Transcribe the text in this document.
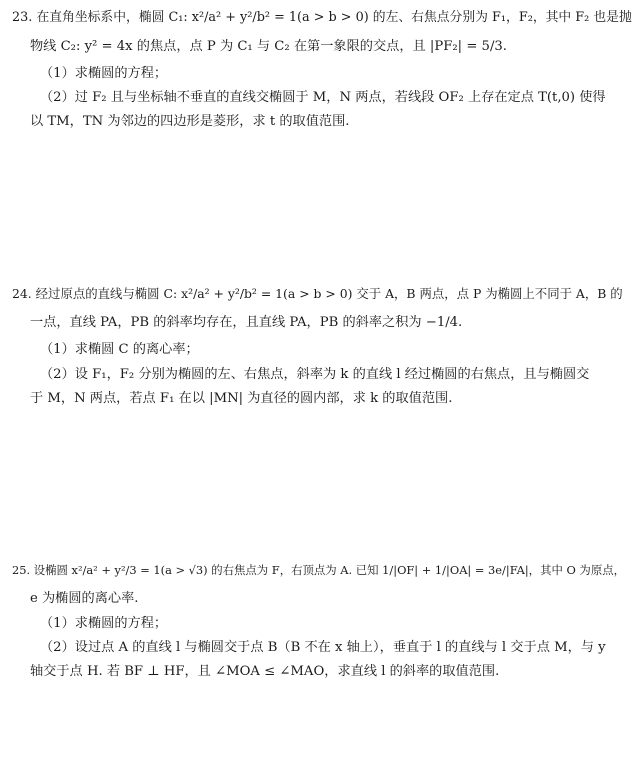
23. 在直角坐标系中，椭圆 C₁: x²/a² + y²/b² = 1(a > b > 0) 的左、右焦点分别为 F₁，F₂，其中 F₂ 也是抛
物线 C₂: y² = 4x 的焦点，点 P 为 C₁ 与 C₂ 在第一象限的交点，且 |PF₂| = 5/3.
（1）求椭圆的方程；
（2）过 F₂ 且与坐标轴不垂直的直线交椭圆于 M，N 两点，若线段 OF₂ 上存在定点 T(t,0) 使得
以 TM，TN 为邻边的四边形是菱形，求 t 的取值范围.
24. 经过原点的直线与椭圆 C: x²/a² + y²/b² = 1(a > b > 0) 交于 A，B 两点，点 P 为椭圆上不同于 A，B 的
一点，直线 PA，PB 的斜率均存在，且直线 PA，PB 的斜率之积为 −1/4.
（1）求椭圆 C 的离心率；
（2）设 F₁，F₂ 分别为椭圆的左、右焦点，斜率为 k 的直线 l 经过椭圆的右焦点，且与椭圆交
于 M，N 两点，若点 F₁ 在以 |MN| 为直径的圆内部，求 k 的取值范围.
25. 设椭圆 x²/a² + y²/3 = 1(a > √3) 的右焦点为 F，右顶点为 A. 已知 1/|OF| + 1/|OA| = 3e/|FA|，其中 O 为原点，
e 为椭圆的离心率.
（1）求椭圆的方程；
（2）设过点 A 的直线 l 与椭圆交于点 B（B 不在 x 轴上），垂直于 l 的直线与 l 交于点 M，与 y
轴交于点 H. 若 BF ⊥ HF，且 ∠MOA ≤ ∠MAO，求直线 l 的斜率的取值范围.
